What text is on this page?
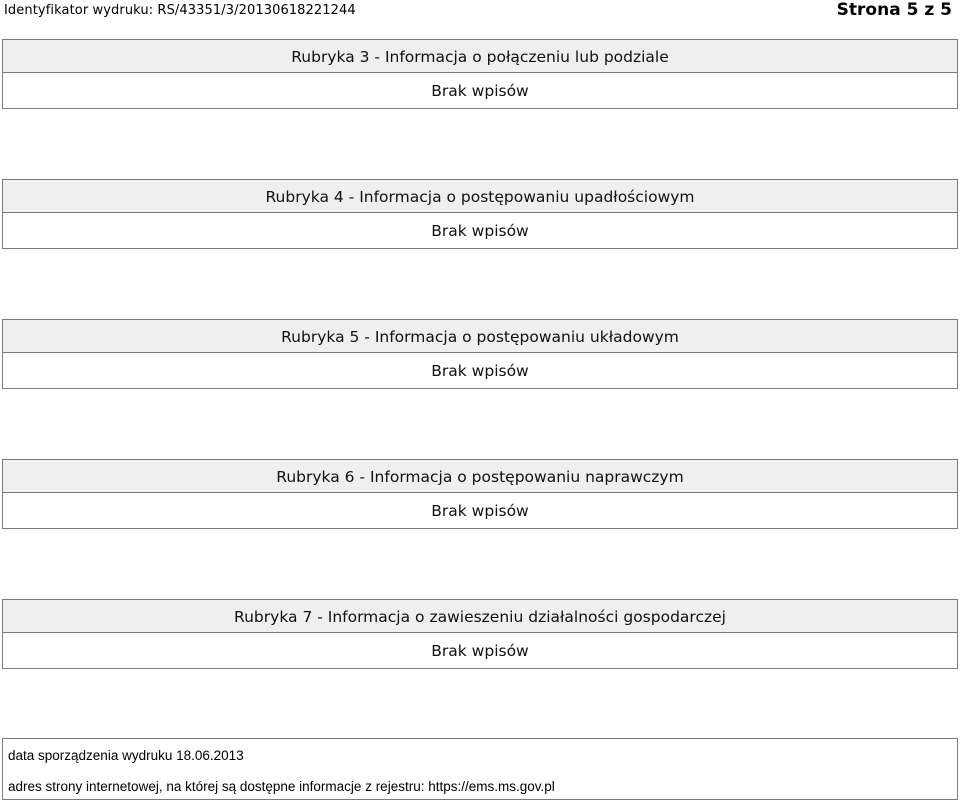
Identyfikator wydruku: RS/43351/3/20130618221244	Strona 5 z 5
Rubryka 3 - Informacja o połączeniu lub podziale
Brak wpisów
Rubryka 4 - Informacja o postępowaniu upadłościowym
Brak wpisów
Rubryka 5 - Informacja o postępowaniu układowym
Brak wpisów
Rubryka 6 - Informacja o postępowaniu naprawczym
Brak wpisów
Rubryka 7 - Informacja o zawieszeniu działalności gospodarczej
Brak wpisów
data sporządzenia wydruku 18.06.2013
adres strony internetowej, na której są dostępne informacje z rejestru: https://ems.ms.gov.pl
